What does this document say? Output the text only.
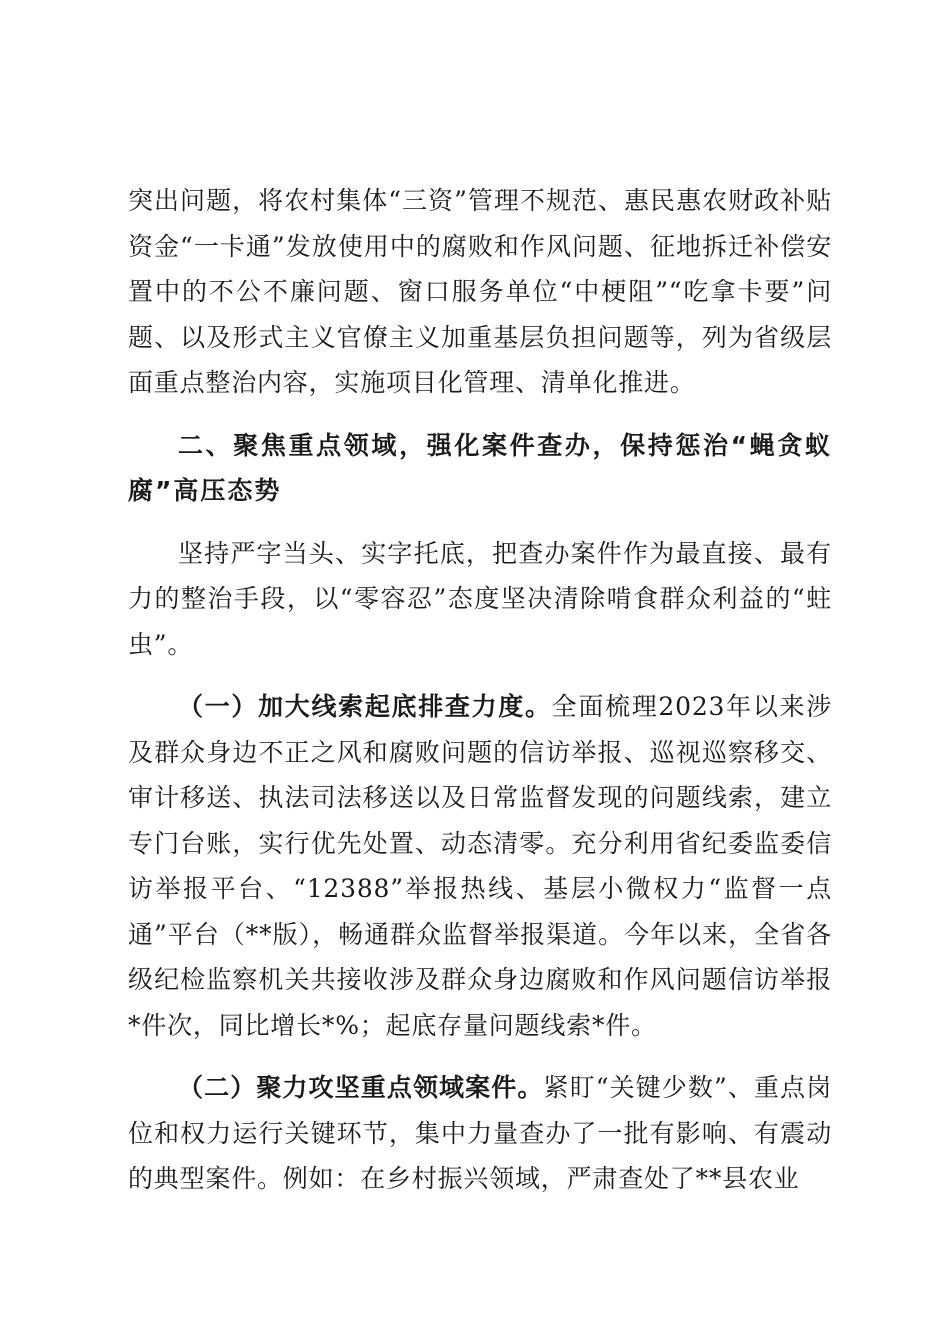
突出问题，将农村集体“三资”管理不规范、惠民惠农财政补贴资金“一卡通”发放使用中的腐败和作风问题、征地拆迁补偿安置中的不公不廉问题、窗口服务单位“中梗阻”“吃拿卡要”问题、以及形式主义官僚主义加重基层负担问题等，列为省级层面重点整治内容，实施项目化管理、清单化推进。

二、聚焦重点领域，强化案件查办，保持惩治“蝇贪蚁腐”高压态势

坚持严字当头、实字托底，把查办案件作为最直接、最有力的整治手段，以“零容忍”态度坚决清除啃食群众利益的“蛀虫”。

（一）加大线索起底排查力度。全面梳理2023年以来涉及群众身边不正之风和腐败问题的信访举报、巡视巡察移交、审计移送、执法司法移送以及日常监督发现的问题线索，建立专门台账，实行优先处置、动态清零。充分利用省纪委监委信访举报平台、“12388”举报热线、基层小微权力“监督一点通”平台（**版），畅通群众监督举报渠道。今年以来，全省各级纪检监察机关共接收涉及群众身边腐败和作风问题信访举报*件次，同比增长*%；起底存量问题线索*件。

（二）聚力攻坚重点领域案件。紧盯“关键少数”、重点岗位和权力运行关键环节，集中力量查办了一批有影响、有震动的典型案件。例如：在乡村振兴领域，严肃查处了**县农业
